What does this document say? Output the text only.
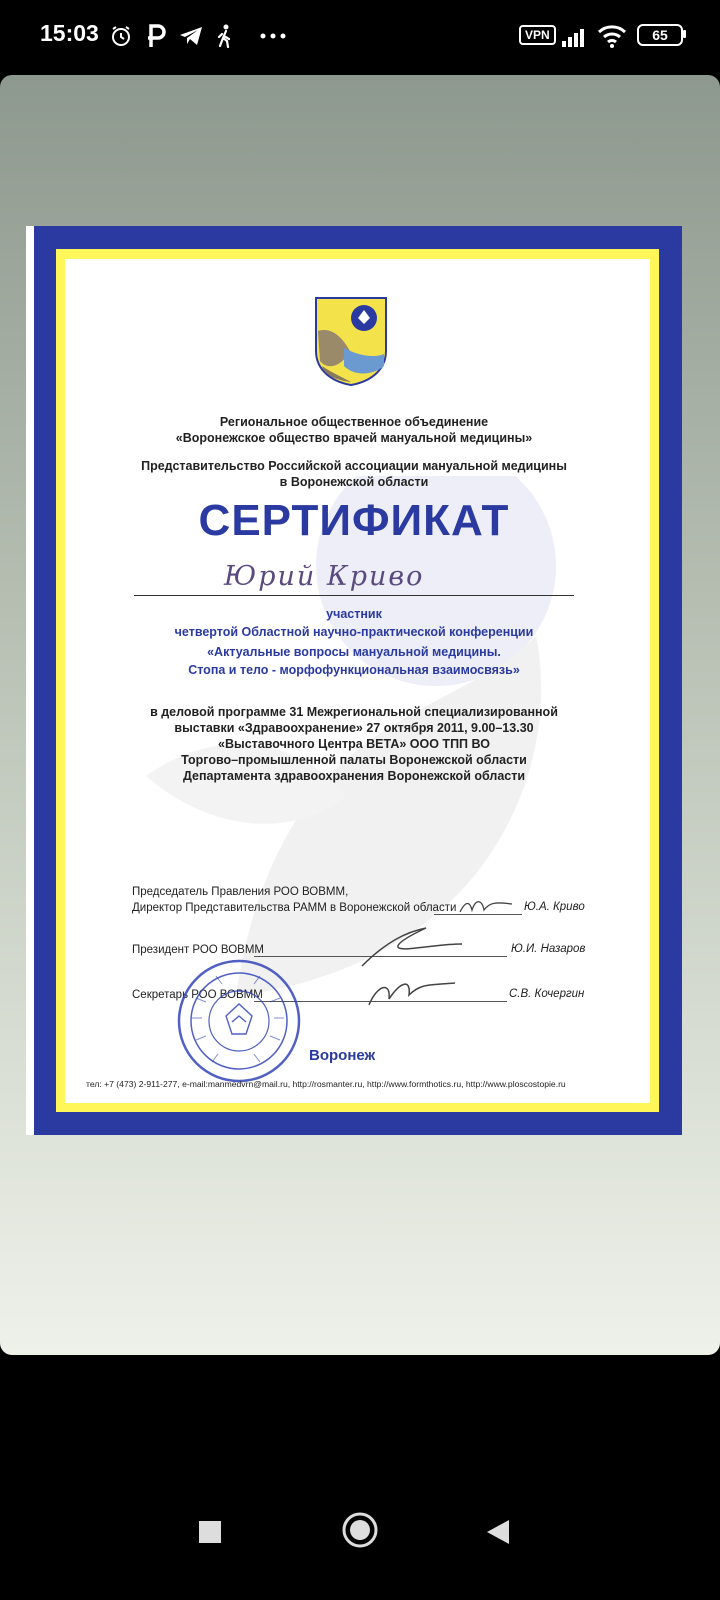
15:03	VPN	65
Региональное общественное объединение
«Воронежское общество врачей мануальной медицины»
Представительство Российской ассоциации мануальной медицины
в Воронежской области
СЕРТИФИКАТ
Юрий Криво
участник
четвертой Областной научно-практической конференции
«Актуальные вопросы мануальной медицины.
Стопа и тело - морфофункциональная взаимосвязь»
в деловой программе 31 Межрегиональной специализированной
выставки «Здравоохранение» 27 октября 2011, 9.00–13.30
«Выставочного Центра ВЕТА» ООО ТПП ВО
Торгово–промышленной палаты Воронежской области
Департамента здравоохранения Воронежской области
Председатель Правления РОО ВОВММ,
Директор Представительства РАММ в Воронежской области	Ю.А. Криво
Президент РОО ВОВММ	Ю.И. Назаров
Секретарь РОО ВОВММ	С.В. Кочергин
Воронеж
тел: +7 (473) 2-911-277, e-mail:manmedvrn@mail.ru, http://rosmanter.ru, http://www.formthotics.ru, http://www.ploscostopie.ru
